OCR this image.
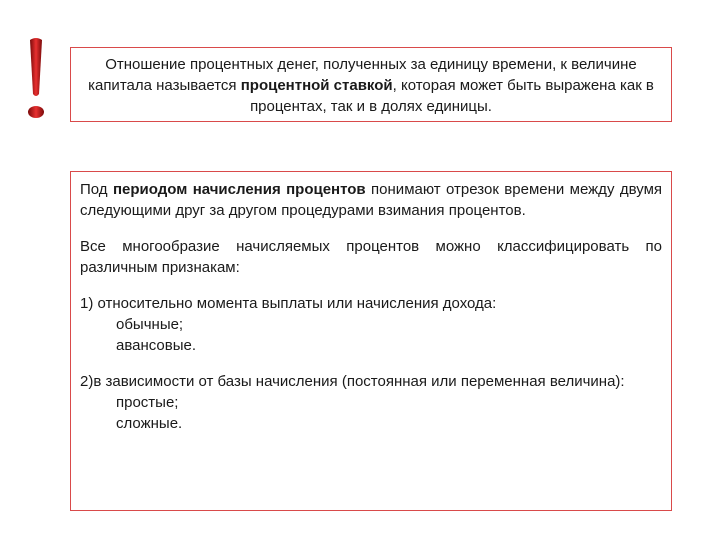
Отношение процентных денег, полученных за единицу времени, к величине капитала называется процентной ставкой, которая может быть выражена как в процентах, так и в долях единицы.

Под периодом начисления процентов понимают отрезок времени между двумя следующими друг за другом процедурами взимания процентов.

Все многообразие начисляемых процентов можно классифицировать по различным признакам:

1) относительно момента выплаты или начисления дохода:

обычные;

авансовые.

2)в зависимости от базы начисления (постоянная или переменная величина):

простые;

сложные.
